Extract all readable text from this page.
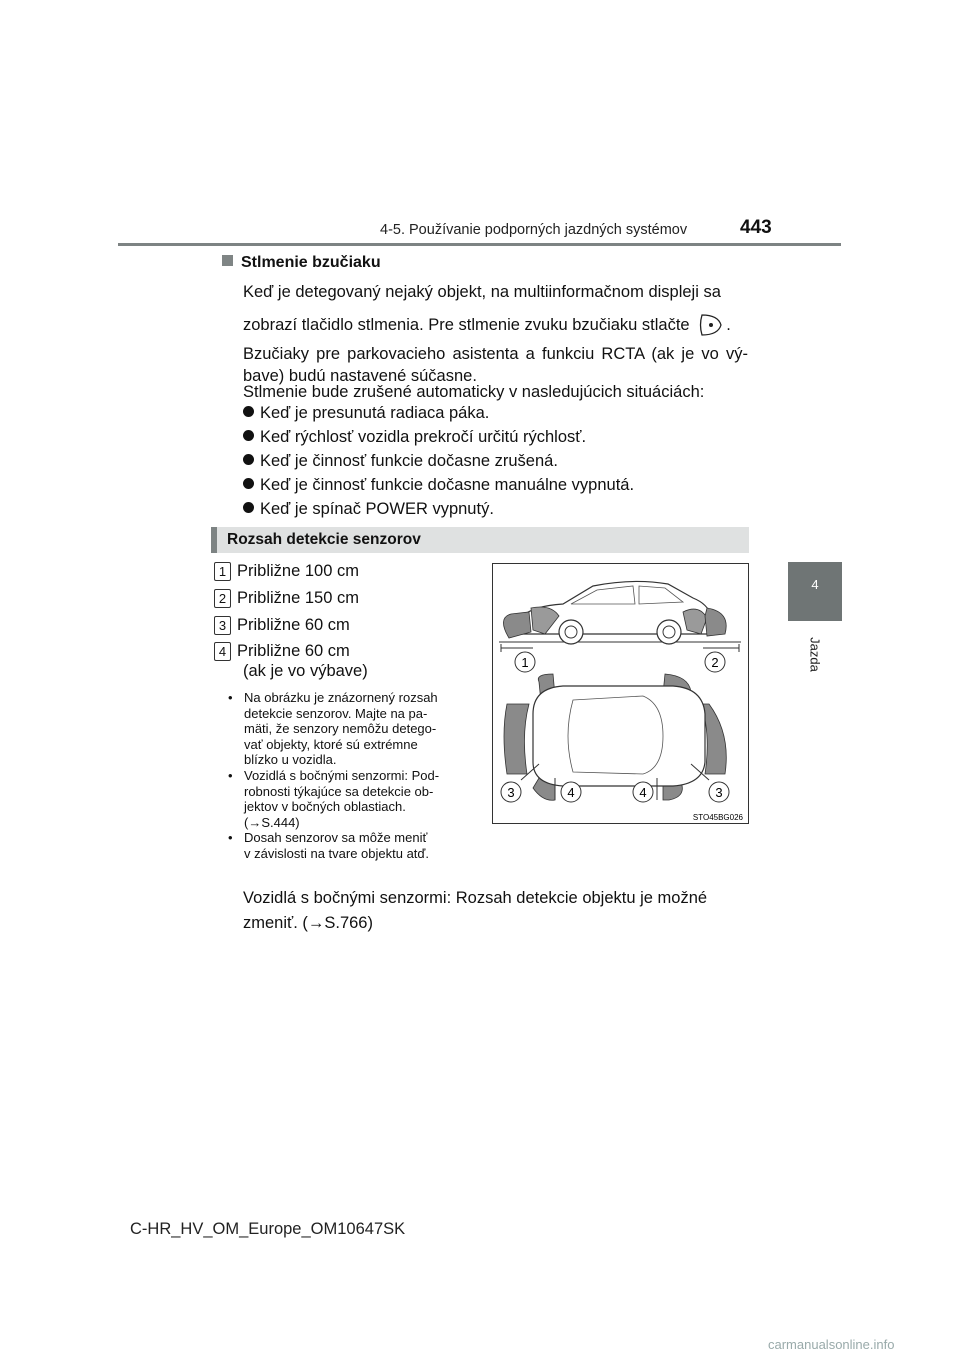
4-5. Používanie podporných jazdných systémov	443
4
Jazda
Stlmenie bzučiaku
Keď je detegovaný nejaký objekt, na multiinformačnom displeji sa
zobrazí tlačidlo stlmenia. Pre stlmenie zvuku bzučiaku stlačte .
Bzučiaky pre parkovacieho asistenta a funkciu RCTA (ak je vo vý-bave) budú nastavené súčasne.
Stlmenie bude zrušené automaticky v nasledujúcich situáciách:
Keď je presunutá radiaca páka.
Keď rýchlosť vozidla prekročí určitú rýchlosť.
Keď je činnosť funkcie dočasne zrušená.
Keď je činnosť funkcie dočasne manuálne vypnutá.
Keď je spínač POWER vypnutý.
Rozsah detekcie senzorov
1 Približne 100 cm
2 Približne 150 cm
3 Približne 60 cm
4 Približne 60 cm
(ak je vo výbave)
• Na obrázku je znázornený rozsah
detekcie senzorov. Majte na pa-
mäti, že senzory nemôžu detego-
vať objekty, ktoré sú extrémne
blízko u vozidla.
• Vozidlá s bočnými senzormi: Pod-
robnosti týkajúce sa detekcie ob-
jektov v bočných oblastiach.
(→S.444)
• Dosah senzorov sa môže meniť
v závislosti na tvare objektu atď.
1	2
3	4	4	3
STO45BG026
Vozidlá s bočnými senzormi: Rozsah detekcie objektu je možné
zmeniť. (→S.766)
C-HR_HV_OM_Europe_OM10647SK
carmanualsonline.info
